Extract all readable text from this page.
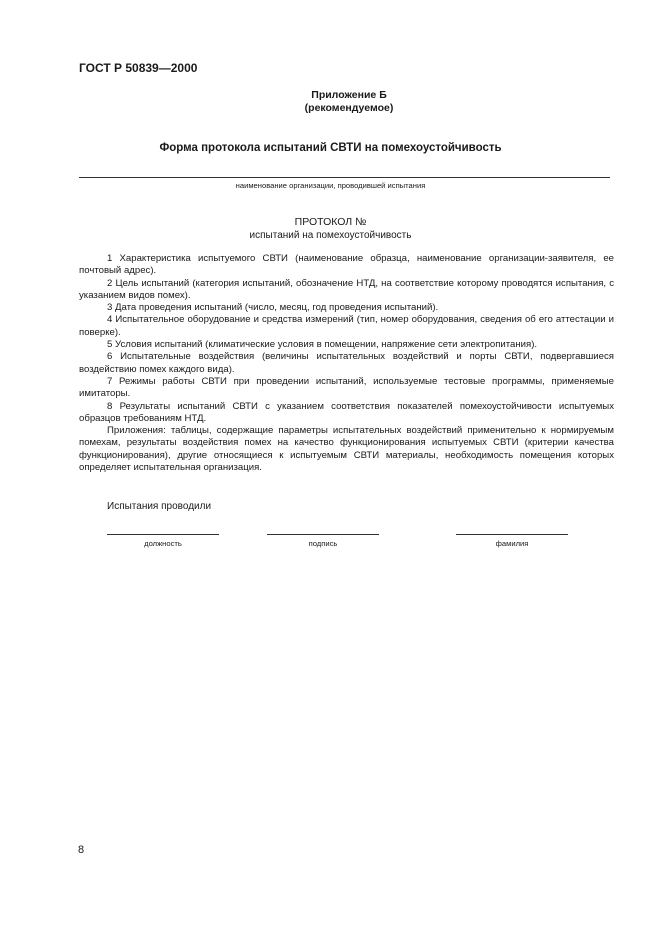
ГОСТ Р 50839—2000
Приложение Б
(рекомендуемое)
Форма протокола испытаний СВТИ на помехоустойчивость
наименование организации, проводившей испытания
ПРОТОКОЛ №
испытаний на помехоустойчивость

1 Характеристика испытуемого СВТИ (наименование образца, наименование организации-заявителя, ее почтовый адрес).

2 Цель испытаний (категория испытаний, обозначение НТД, на соответствие которому проводятся испытания, с указанием видов помех).

3 Дата проведения испытаний (число, месяц, год проведения испытаний).

4 Испытательное оборудование и средства измерений (тип, номер оборудования, сведения об его аттестации и поверке).

5 Условия испытаний (климатические условия в помещении, напряжение сети электропитания).

6 Испытательные воздействия (величины испытательных воздействий и порты СВТИ, подвергавшиеся воздействию помех каждого вида).

7 Режимы работы СВТИ при проведении испытаний, используемые тестовые программы, применяемые имитаторы.

8 Результаты испытаний СВТИ с указанием соответствия показателей помехоустойчивости испытуемых образцов требованиям НТД.

Приложения: таблицы, содержащие параметры испытательных воздействий применительно к нормируемым помехам, результаты воздействия помех на качество функционирования испытуемых СВТИ (критерии качества функционирования), другие относящиеся к испытуемым СВТИ материалы, необходимость помещения которых определяет испытательная организация.

Испытания проводили
должность	подпись	фамилия
8
